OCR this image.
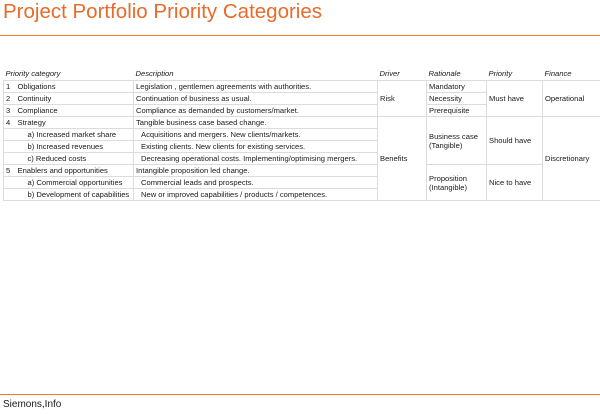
Project Portfolio Priority Categories
Priority category		Description	Driver	Rationale	Priority	Finance
1	Obligations	Legislation , gentlemen agreements with authorities.	Risk	Mandatory	Must have	Operational
2	Continuity	Continuation of business as usual.		Necessity		
3	Compliance	Compliance as demanded by customers/market.		Prerequisite		
4	Strategy	Tangible business case based change.	Benefits	Business case (Tangible)	Should have	Discretionary
	a) Increased market share	Acquisitions and mergers. New clients/markets.				
	b) Increased revenues	Existing clients. New clients for existing services.				
	c) Reduced costs	Decreasing operational costs. Implementing/optimising mergers.				
5	Enablers and opportunities	Intangible proposition led change.		Proposition (Intangible)	Nice to have	
	a) Commercial opportunities	Commercial leads and prospects.				
	b) Development of capabilities	New or improved capabilities / products / competences.				
Siemons,Info
